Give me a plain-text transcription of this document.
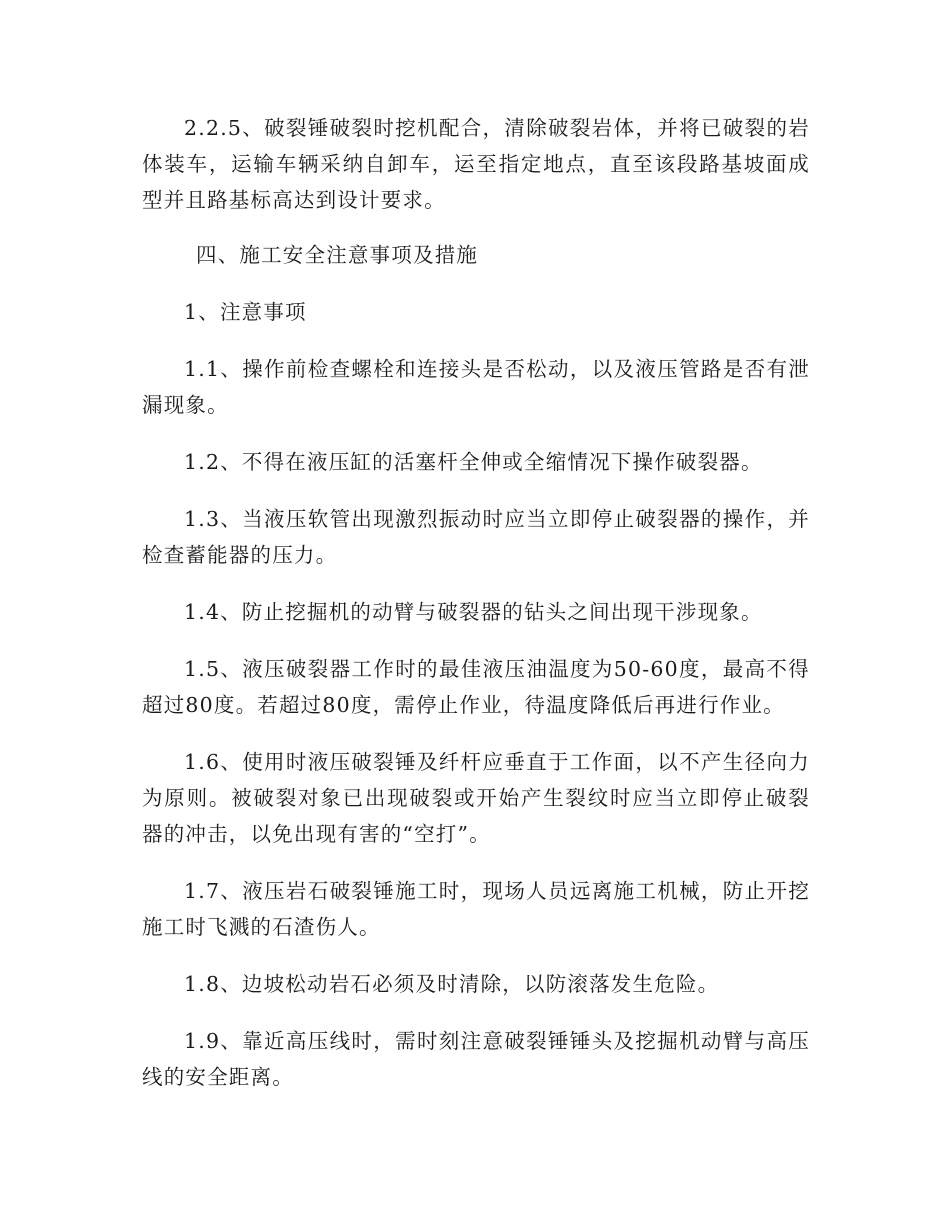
2.2.5、破裂锤破裂时挖机配合，清除破裂岩体，并将已破裂的岩体装车，运输车辆采纳自卸车，运至指定地点，直至该段路基坡面成型并且路基标高达到设计要求。

四、施工安全注意事项及措施

1、注意事项

1.1、操作前检查螺栓和连接头是否松动，以及液压管路是否有泄漏现象。

1.2、不得在液压缸的活塞杆全伸或全缩情况下操作破裂器。

1.3、当液压软管出现激烈振动时应当立即停止破裂器的操作，并检查蓄能器的压力。

1.4、防止挖掘机的动臂与破裂器的钻头之间出现干涉现象。

1.5、液压破裂器工作时的最佳液压油温度为50-60度，最高不得超过80度。若超过80度，需停止作业，待温度降低后再进行作业。

1.6、使用时液压破裂锤及纤杆应垂直于工作面，以不产生径向力为原则。被破裂对象已出现破裂或开始产生裂纹时应当立即停止破裂器的冲击，以免出现有害的“空打”。

1.7、液压岩石破裂锤施工时，现场人员远离施工机械，防止开挖施工时飞溅的石渣伤人。

1.8、边坡松动岩石必须及时清除，以防滚落发生危险。

1.9、靠近高压线时，需时刻注意破裂锤锤头及挖掘机动臂与高压线的安全距离。
